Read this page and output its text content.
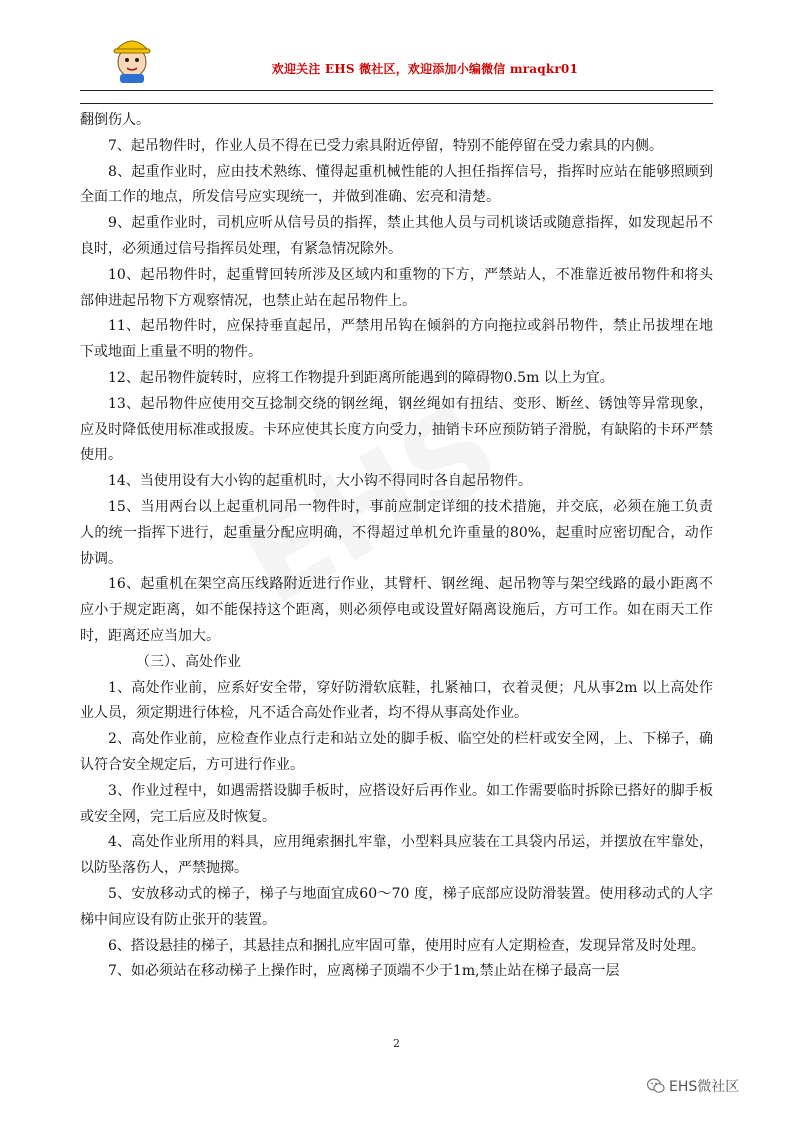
欢迎关注 EHS 微社区，欢迎添加小编微信 mraqkr01

翻倒伤人。

7、起吊物件时，作业人员不得在已受力索具附近停留，特别不能停留在受力索具的内侧。

8、起重作业时，应由技术熟练、懂得起重机械性能的人担任指挥信号，指挥时应站在能够照顾到全面工作的地点，所发信号应实现统一，并做到准确、宏亮和清楚。

9、起重作业时，司机应听从信号员的指挥，禁止其他人员与司机谈话或随意指挥，如发现起吊不良时，必须通过信号指挥员处理，有紧急情况除外。

10、起吊物件时，起重臂回转所涉及区域内和重物的下方，严禁站人，不准靠近被吊物件和将头部伸进起吊物下方观察情况，也禁止站在起吊物件上。

11、起吊物件时，应保持垂直起吊，严禁用吊钩在倾斜的方向拖拉或斜吊物件，禁止吊拔埋在地下或地面上重量不明的物件。

12、起吊物件旋转时，应将工作物提升到距离所能遇到的障碍物0.5m 以上为宜。

13、起吊物件应使用交互捻制交绕的钢丝绳，钢丝绳如有扭结、变形、断丝、锈蚀等异常现象，应及时降低使用标准或报废。卡环应使其长度方向受力，抽销卡环应预防销子滑脱，有缺陷的卡环严禁使用。

14、当使用设有大小钩的起重机时，大小钩不得同时各自起吊物件。

15、当用两台以上起重机同吊一物件时，事前应制定详细的技术措施，并交底，必须在施工负责人的统一指挥下进行，起重量分配应明确，不得超过单机允许重量的80%，起重时应密切配合，动作协调。

16、起重机在架空高压线路附近进行作业，其臂杆、钢丝绳、起吊物等与架空线路的最小距离不应小于规定距离，如不能保持这个距离，则必须停电或设置好隔离设施后，方可工作。如在雨天工作时，距离还应当加大。

（三）、高处作业

1、高处作业前，应系好安全带，穿好防滑软底鞋，扎紧袖口，衣着灵便；凡从事2m 以上高处作业人员，须定期进行体检，凡不适合高处作业者，均不得从事高处作业。

2、高处作业前，应检查作业点行走和站立处的脚手板、临空处的栏杆或安全网，上、下梯子，确认符合安全规定后，方可进行作业。

3、作业过程中，如遇需搭设脚手板时，应搭设好后再作业。如工作需要临时拆除已搭好的脚手板或安全网，完工后应及时恢复。

4、高处作业所用的料具，应用绳索捆扎牢靠，小型料具应装在工具袋内吊运，并摆放在牢靠处，以防坠落伤人，严禁抛掷。

5、安放移动式的梯子，梯子与地面宜成60～70 度，梯子底部应设防滑装置。使用移动式的人字梯中间应设有防止张开的装置。

6、搭设悬挂的梯子，其悬挂点和捆扎应牢固可靠，使用时应有人定期检查，发现异常及时处理。

7、如必须站在移动梯子上操作时，应离梯子顶端不少于1m,禁止站在梯子最高一层

2
EHS微社区
